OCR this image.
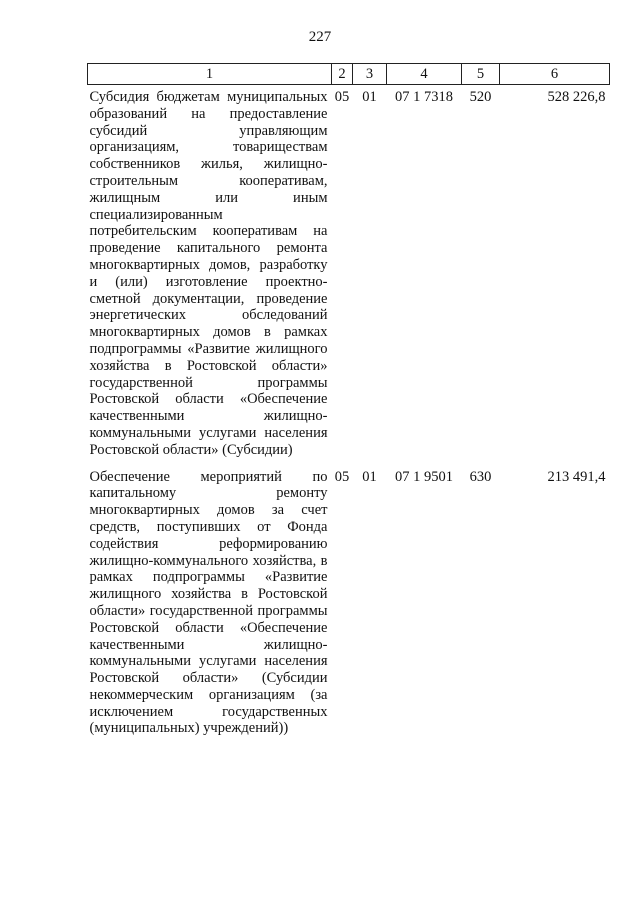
227
1	2	3	4	5	6
Субсидия бюджетам муниципальных образований на предоставление субсидий управляющим организациям, товариществам собственников жилья, жилищно-строительным кооперативам, жилищным или иным специализированным потребительским кооперативам на проведение капитального ремонта многоквартирных домов, разработку и (или) изготовление проектно-сметной документации, проведение энергетических обследований многоквартирных домов в рамках подпрограммы «Развитие жилищного хозяйства в Ростовской области» государственной программы Ростовской области «Обеспечение качественными жилищно-коммунальными услугами населения Ростовской области» (Субсидии)	05	01	07 1 7318	520	528 226,8
Обеспечение мероприятий по капитальному ремонту многоквартирных домов за счет средств, поступивших от Фонда содействия реформированию жилищно-коммунального хозяйства, в рамках подпрограммы «Развитие жилищного хозяйства в Ростовской области» государственной программы Ростовской области «Обеспечение качественными жилищно-коммунальными услугами населения Ростовской области» (Субсидии некоммерческим организациям (за исключением государственных (муниципальных) учреждений))	05	01	07 1 9501	630	213 491,4
